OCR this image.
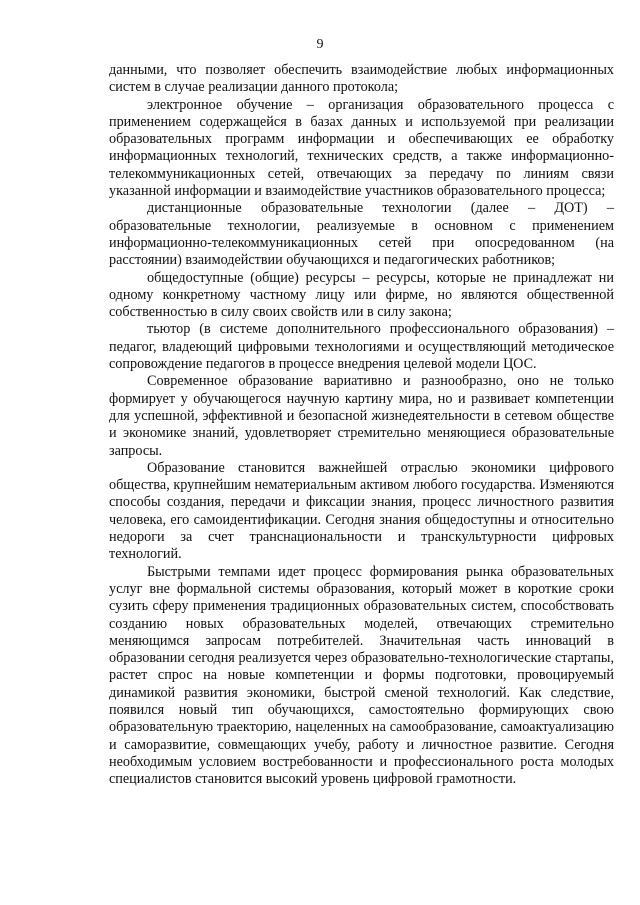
9

данными, что позволяет обеспечить взаимодействие любых информационных систем в случае реализации данного протокола;

электронное обучение – организация образовательного процесса с применением содержащейся в базах данных и используемой при реализации образовательных программ информации и обеспечивающих ее обработку информационных технологий, технических средств, а также информационно-телекоммуникационных сетей, отвечающих за передачу по линиям связи указанной информации и взаимодействие участников образовательного процесса;

дистанционные образовательные технологии (далее – ДОТ) – образовательные технологии, реализуемые в основном с применением информационно-телекоммуникационных сетей при опосредованном (на расстоянии) взаимодействии обучающихся и педагогических работников;

общедоступные (общие) ресурсы – ресурсы, которые не принадлежат ни одному конкретному частному лицу или фирме, но являются общественной собственностью в силу своих свойств или в силу закона;

тьютор (в системе дополнительного профессионального образования) – педагог, владеющий цифровыми технологиями и осуществляющий методическое сопровождение педагогов в процессе внедрения целевой модели ЦОС.

Современное образование вариативно и разнообразно, оно не только формирует у обучающегося научную картину мира, но и развивает компетенции для успешной, эффективной и безопасной жизнедеятельности в сетевом обществе и экономике знаний, удовлетворяет стремительно меняющиеся образовательные запросы.

Образование становится важнейшей отраслью экономики цифрового общества, крупнейшим нематериальным активом любого государства. Изменяются способы создания, передачи и фиксации знания, процесс личностного развития человека, его самоидентификации. Сегодня знания общедоступны и относительно недороги за счет транснациональности и транскультурности цифровых технологий.

Быстрыми темпами идет процесс формирования рынка образовательных услуг вне формальной системы образования, который может в короткие сроки сузить сферу применения традиционных образовательных систем, способствовать созданию новых образовательных моделей, отвечающих стремительно меняющимся запросам потребителей. Значительная часть инноваций в образовании сегодня реализуется через образовательно-технологические стартапы, растет спрос на новые компетенции и формы подготовки, провоцируемый динамикой развития экономики, быстрой сменой технологий. Как следствие, появился новый тип обучающихся, самостоятельно формирующих свою образовательную траекторию, нацеленных на самообразование, самоактуализацию и саморазвитие, совмещающих учебу, работу и личностное развитие. Сегодня необходимым условием востребованности и профессионального роста молодых специалистов становится высокий уровень цифровой грамотности.
